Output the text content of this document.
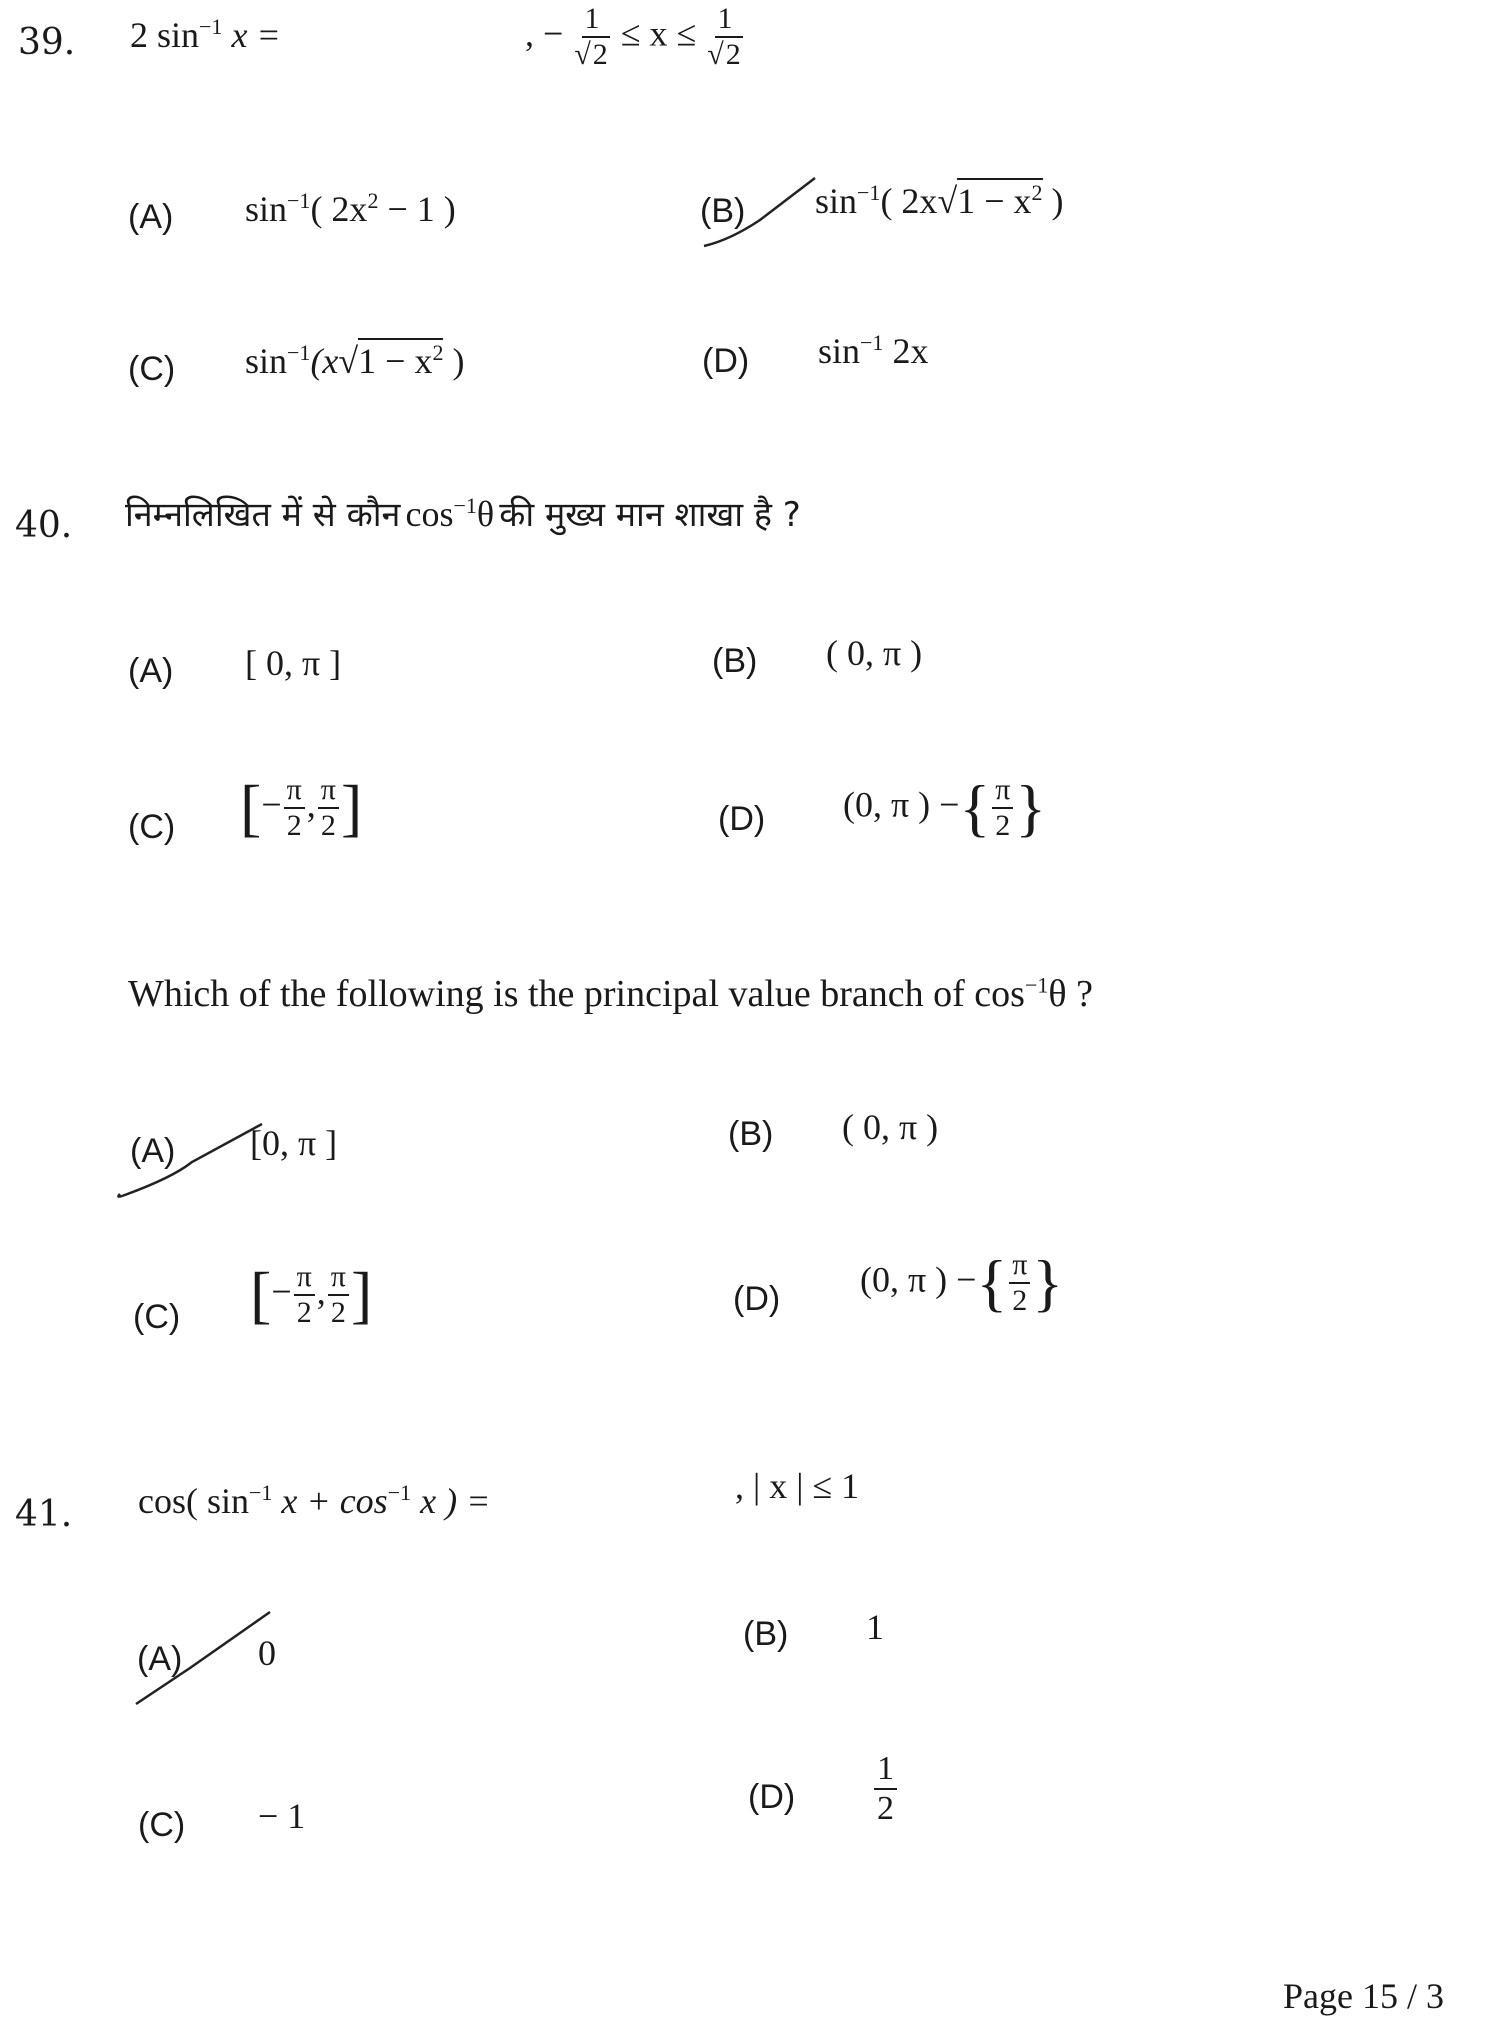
39. 2 $\sin^{-1} x$ =	, − $\frac{1}{√2} \le x \le \frac{1}{√2}$
(A) $\sin^{-1}$( $2x^2 - 1$ )	(B) $\sin^{-1}$( $2x√1 - x^2$ )
(C) $\sin^{-1}(x√1 - x^2$ )	(D) $\sin^{-1} 2x$
40. निम्नलिखित में से कौन $\cos^{-1}\theta$ की मुख्य मान शाखा है ?
(A) [ 0, π ]	(B) ( 0, π )
(C) [− $\frac{\pi}{2}$ , $\frac{\pi}{2}$ ]	(D) (0, π ) −{ $\frac{\pi}{2}$ }
Which of the following is the principal value branch of $\cos^{-1}\theta$ ?
(A) [0, π ]	(B) ( 0, π )
(C) [− $\frac{\pi}{2}$ , $\frac{\pi}{2}$ ]	(D) (0, π ) −{ $\frac{\pi}{2}$ }
41. cos( $\sin^{-1} x + \cos^{-1} x$ ) =	, | x | ≤ 1
(A) 0	(B) 1
(C) − 1	$(D) \frac{1}{2}$
Page 15 / 3
